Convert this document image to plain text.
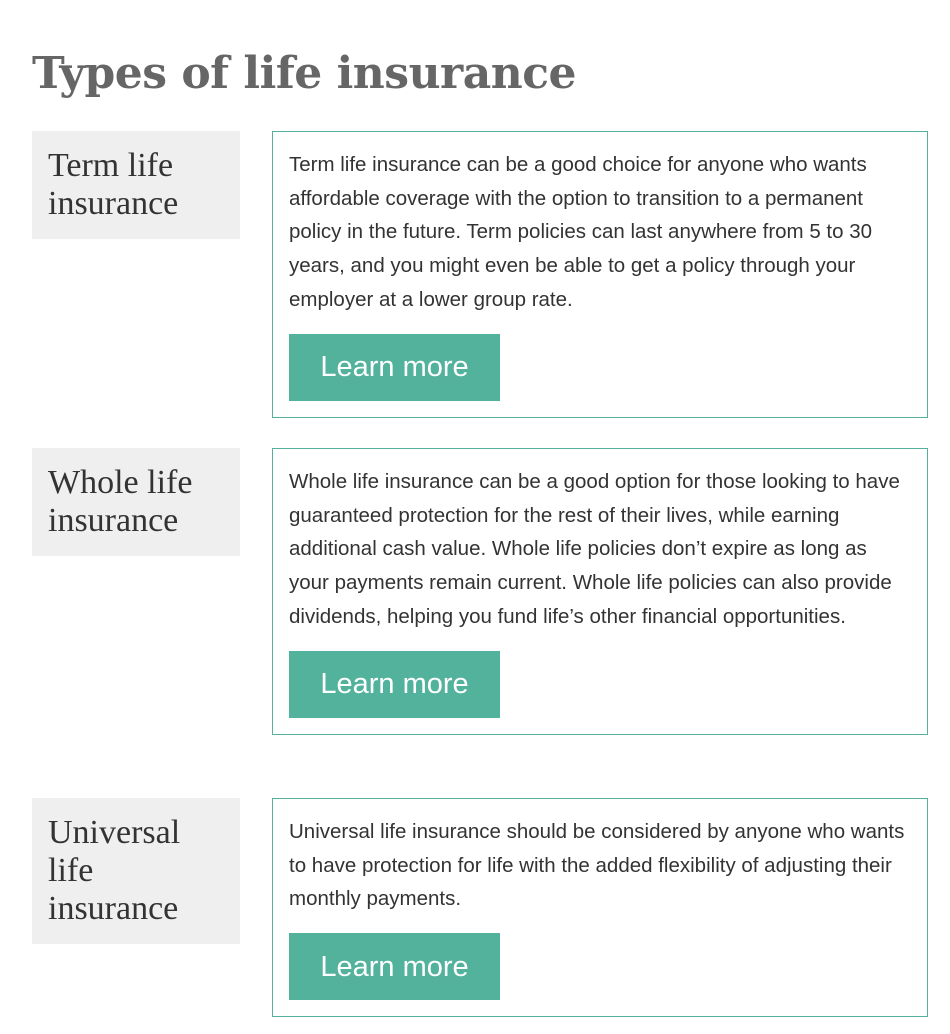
Types of life insurance
Term life insurance

Term life insurance can be a good choice for anyone who wants affordable coverage with the option to transition to a permanent policy in the future. Term policies can last anywhere from 5 to 30 years, and you might even be able to get a policy through your employer at a lower group rate.

Learn more
Whole life insurance

Whole life insurance can be a good option for those looking to have guaranteed protection for the rest of their lives, while earning additional cash value. Whole life policies don’t expire as long as your payments remain current. Whole life policies can also provide dividends, helping you fund life’s other financial opportunities.

Learn more
Universal life insurance

Universal life insurance should be considered by anyone who wants to have protection for life with the added flexibility of adjusting their monthly payments.

Learn more
